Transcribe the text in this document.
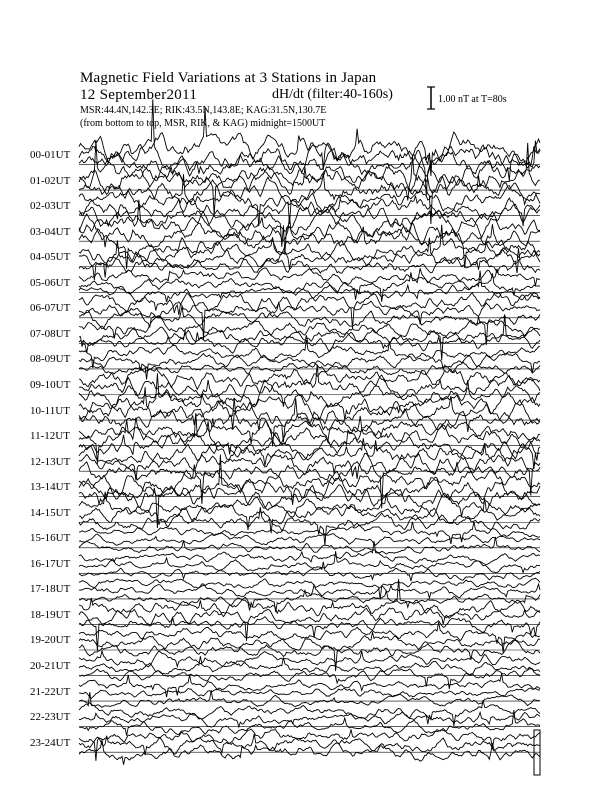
Magnetic Field Variations at 3 Stations in Japan
12 September2011	dH/dt (filter:40-160s)
MSR:44.4N,142.3E; RIK:43.5N,143.8E; KAG:31.5N,130.7E
(from bottom to top, MSR, RIK, & KAG) midnight=1500UT
1.00 nT at T=80s
00-01UT
01-02UT
02-03UT
03-04UT
04-05UT
05-06UT
06-07UT
07-08UT
08-09UT
09-10UT
10-11UT
11-12UT
12-13UT
13-14UT
14-15UT
15-16UT
16-17UT
17-18UT
18-19UT
19-20UT
20-21UT
21-22UT
22-23UT
23-24UT
